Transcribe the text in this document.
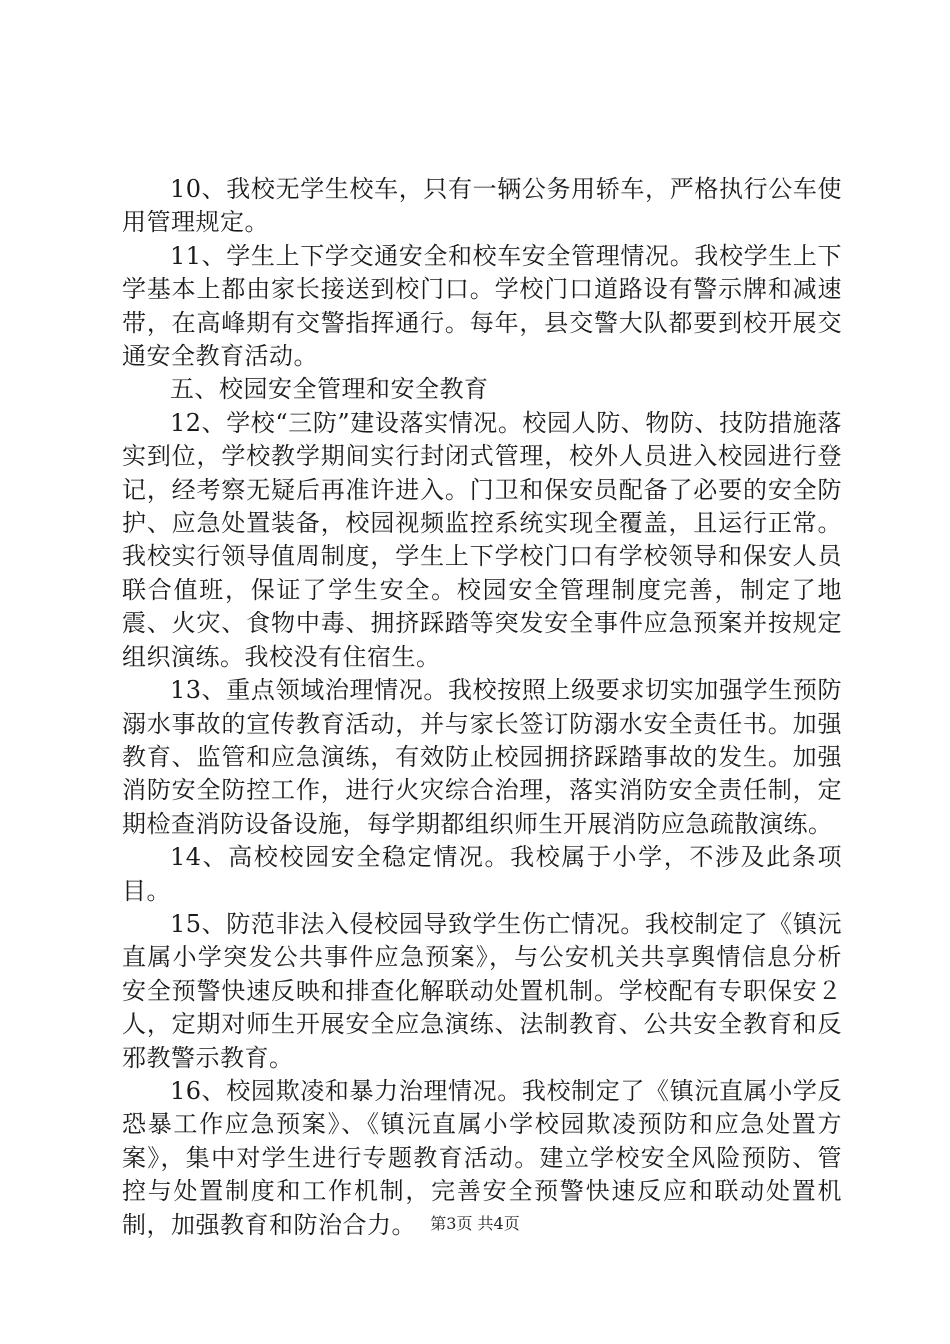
10、我校无学生校车，只有一辆公务用轿车，严格执行公车使用管理规定。

11、学生上下学交通安全和校车安全管理情况。我校学生上下学基本上都由家长接送到校门口。学校门口道路设有警示牌和减速带，在高峰期有交警指挥通行。每年，县交警大队都要到校开展交通安全教育活动。

五、校园安全管理和安全教育

12、学校“三防”建设落实情况。校园人防、物防、技防措施落实到位，学校教学期间实行封闭式管理，校外人员进入校园进行登记，经考察无疑后再准许进入。门卫和保安员配备了必要的安全防护、应急处置装备，校园视频监控系统实现全覆盖，且运行正常。我校实行领导值周制度，学生上下学校门口有学校领导和保安人员联合值班，保证了学生安全。校园安全管理制度完善，制定了地震、火灾、食物中毒、拥挤踩踏等突发安全事件应急预案并按规定组织演练。我校没有住宿生。

13、重点领域治理情况。我校按照上级要求切实加强学生预防溺水事故的宣传教育活动，并与家长签订防溺水安全责任书。加强教育、监管和应急演练，有效防止校园拥挤踩踏事故的发生。加强消防安全防控工作，进行火灾综合治理，落实消防安全责任制，定期检查消防设备设施，每学期都组织师生开展消防应急疏散演练。

14、高校校园安全稳定情况。我校属于小学，不涉及此条项目。

15、防范非法入侵校园导致学生伤亡情况。我校制定了《镇沅直属小学突发公共事件应急预案》，与公安机关共享舆情信息分析安全预警快速反映和排查化解联动处置机制。学校配有专职保安２人，定期对师生开展安全应急演练、法制教育、公共安全教育和反邪教警示教育。

16、校园欺凌和暴力治理情况。我校制定了《镇沅直属小学反恐暴工作应急预案》、《镇沅直属小学校园欺凌预防和应急处置方案》，集中对学生进行专题教育活动。建立学校安全风险预防、管控与处置制度和工作机制，完善安全预警快速反应和联动处置机制，加强教育和防治合力。 第3页 共4页
